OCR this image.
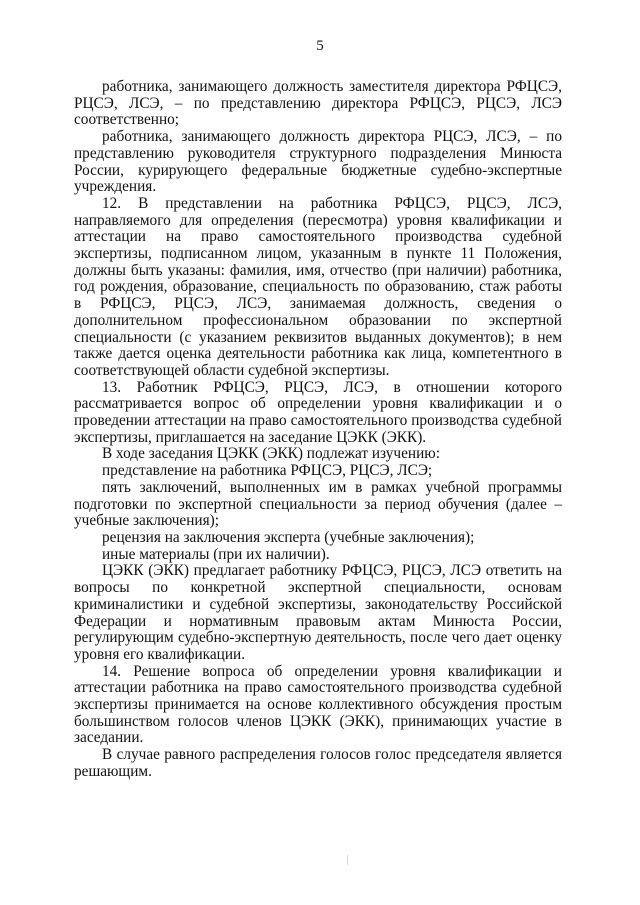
5

работника, занимающего должность заместителя директора РФЦСЭ, РЦСЭ, ЛСЭ, – по представлению директора РФЦСЭ, РЦСЭ, ЛСЭ соответственно;

работника, занимающего должность директора РЦСЭ, ЛСЭ, – по представлению руководителя структурного подразделения Минюста России, курирующего федеральные бюджетные судебно-экспертные учреждения.

12. В представлении на работника РФЦСЭ, РЦСЭ, ЛСЭ, направляемого для определения (пересмотра) уровня квалификации и аттестации на право самостоятельного производства судебной экспертизы, подписанном лицом, указанным в пункте 11 Положения, должны быть указаны: фамилия, имя, отчество (при наличии) работника, год рождения, образование, специальность по образованию, стаж работы в РФЦСЭ, РЦСЭ, ЛСЭ, занимаемая должность, сведения о дополнительном профессиональном образовании по экспертной специальности (с указанием реквизитов выданных документов); в нем также дается оценка деятельности работника как лица, компетентного в соответствующей области судебной экспертизы.

13. Работник РФЦСЭ, РЦСЭ, ЛСЭ, в отношении которого рассматривается вопрос об определении уровня квалификации и о проведении аттестации на право самостоятельного производства судебной экспертизы, приглашается на заседание ЦЭКК (ЭКК).

В ходе заседания ЦЭКК (ЭКК) подлежат изучению:

представление на работника РФЦСЭ, РЦСЭ, ЛСЭ;

пять заключений, выполненных им в рамках учебной программы подготовки по экспертной специальности за период обучения (далее – учебные заключения);

рецензия на заключения эксперта (учебные заключения);

иные материалы (при их наличии).

ЦЭКК (ЭКК) предлагает работнику РФЦСЭ, РЦСЭ, ЛСЭ ответить на вопросы по конкретной экспертной специальности, основам криминалистики и судебной экспертизы, законодательству Российской Федерации и нормативным правовым актам Минюста России, регулирующим судебно-экспертную деятельность, после чего дает оценку уровня его квалификации.

14. Решение вопроса об определении уровня квалификации и аттестации работника на право самостоятельного производства судебной экспертизы принимается на основе коллективного обсуждения простым большинством голосов членов ЦЭКК (ЭКК), принимающих участие в заседании.

В случае равного распределения голосов голос председателя является решающим.
